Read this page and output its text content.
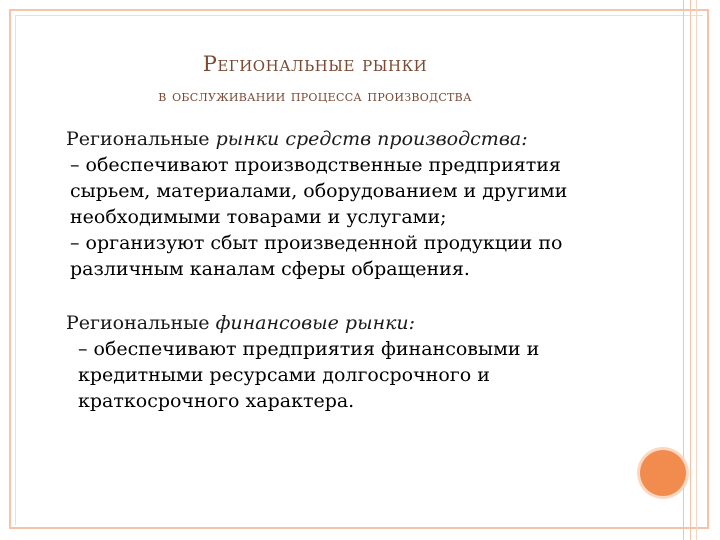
Региональные рынки
в обслуживании процесса производства

Региональные рынки средств производства:

– обеспечивают производственные предприятия сырьем, материалами, оборудованием и другими необходимыми товарами и услугами;

– организуют сбыт произведенной продукции по различным каналам сферы обращения.

Региональные финансовые рынки:

– обеспечивают предприятия финансовыми и кредитными ресурсами долгосрочного и краткосрочного характера.
